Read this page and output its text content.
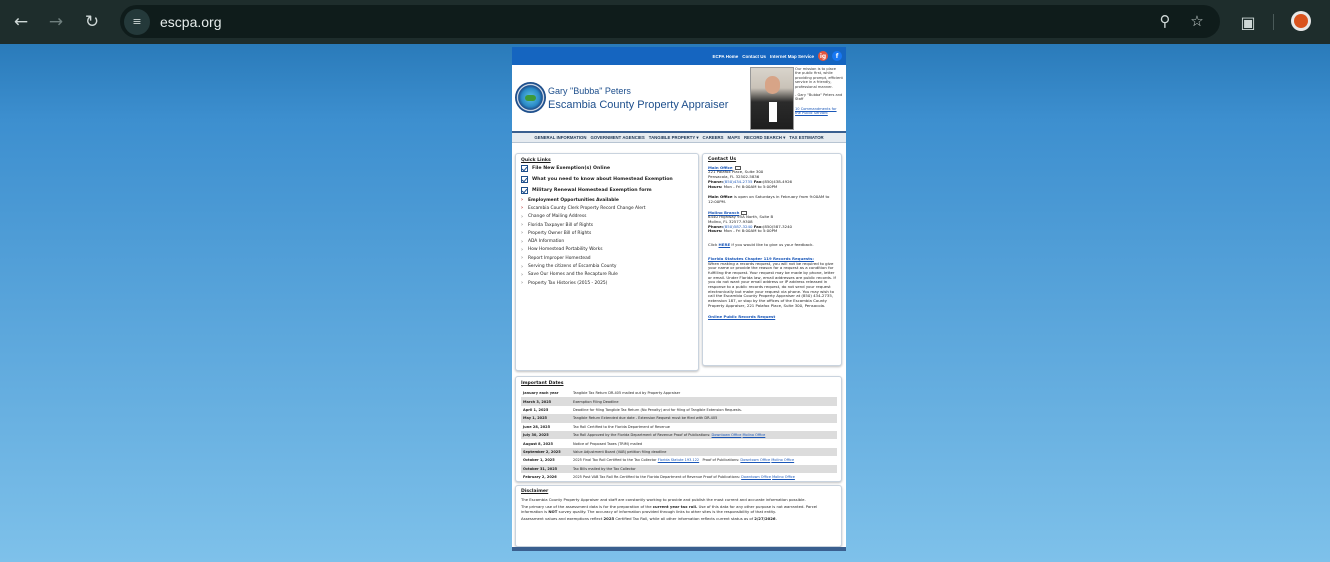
← → ↻	≡	escpa.org	⚲	☆ ▣
ECPA Home Contact Us Internet Map Service ig	f
Gary "Bubba" Peters
Escambia County Property Appraiser
Our mission is to place the public first, while providing prompt, efficient service in a friendly, professional manner.
- Gary "Bubba" Peters and Staff
10 Commandments for the Public Servant
GENERAL INFORMATION GOVERNMENT AGENCIES TANGIBLE PROPERTY ▾ CAREERS MAPS RECORD SEARCH ▾ TAX ESTIMATOR
Quick Links
File New Exemption(s) Online
What you need to know about Homestead Exemption
Military Renewal Homestead Exemption form
›	Employment Opportunities Available
›	Escambia County Clerk Property Record Change Alert
›	Change of Mailing Address
›	Florida Taxpayer Bill of Rights
›	Property Owner Bill of Rights
›	ADA Information
›	How Homestead Portability Works
›	Report Improper Homestead
›	Serving the citizens of Escambia County
›	Save Our Homes and the Recapture Rule
›	Property Tax Histories (2015 - 2025)
Contact Us
Main Office
221 Palafox Place, Suite 300
Pensacola, FL 32502-5836
Phone:(850)434-2735 Fax:(850)438-4926
Hours: Mon - Fri 8:00AM to 5:00PM
Main Office is open on Saturdays in February from 9:00AM to 12:00PM.
Molino Branch
6440 Highway 95A North, Suite B
Molino, FL 32577-9308
Phone:(850)587-3240 Fax:(850)587-3240
Hours: Mon - Fri 8:00AM to 5:00PM
Click HERE if you would like to give us your feedback.
Florida Statutes Chapter 119 Records Requests:
When making a records request, you will not be required to give your name or provide the reason for a request as a condition for fulfilling the request. Your request may be made by phone, letter or email. Under Florida law, email addresses are public records. If you do not want your email address or IP address released in response to a public records request, do not send your request electronically but make your request via phone. You may wish to call the Escambia County Property Appraiser at (850) 434-2735, extension 187, or stop by the offices of the Escambia County Property Appraiser, 221 Palafox Place, Suite 300, Pensacola.
Online Public Records Request
Important Dates
January each year	Tangible Tax Return DR-405 mailed out by Property Appraiser
March 3, 2025	Exemption Filing Deadline
April 1, 2025	Deadline for filing Tangible Tax Return (No Penalty) and for filing of Tangible Extension Requests.
May 1, 2025	Tangible Return Extended due date - Extension Request must be filed with DR-405
June 28, 2025	Tax Roll Certified to the Florida Department of Revenue
July 30, 2025	Tax Roll Approved by the Florida Department of Revenue Proof of Publications: Downtown Office Molino Office
August 8, 2025	Notice of Proposed Taxes (TRIM) mailed
September 2, 2025	Value Adjustment Board (VAB) petition filing deadline
October 1, 2025	2025 Final Tax Roll Certified to the Tax Collector Florida Statute 193.122 Proof of Publications: Downtown Office Molino Office
October 31, 2025	Tax Bills mailed by the Tax Collector
February 2, 2026	2025 Post VAB Tax Roll Re-Certified to the Florida Department of Revenue Proof of Publications: Downtown Office Molino Office
Disclaimer

The Escambia County Property Appraiser and staff are constantly working to provide and publish the most current and accurate information possible.

The primary use of the assessment data is for the preparation of the current year tax roll. Use of this data for any other purpose is not warranted. Parcel information is NOT survey quality. The accuracy of information provided through links to other sites is the responsibility of that entity.

Assessment values and exemptions reflect 2025 Certified Tax Roll, while all other information reflects current status as of 2/27/2026.
